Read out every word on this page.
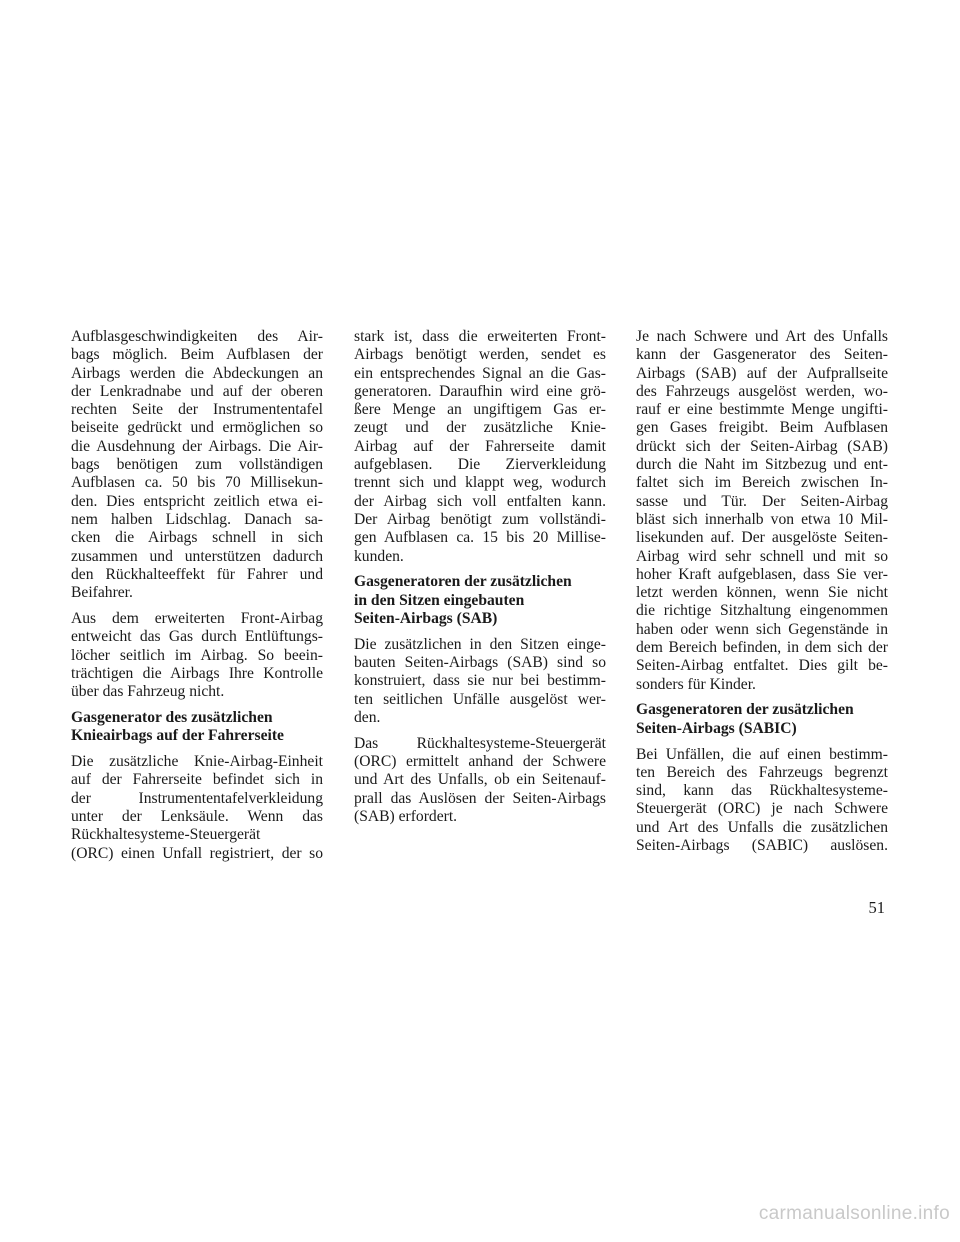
Aufblasgeschwindigkeiten des Air-
bags möglich. Beim Aufblasen der
Airbags werden die Abdeckungen an
der Lenkradnabe und auf der oberen
rechten Seite der Instrumententafel
beiseite gedrückt und ermöglichen so
die Ausdehnung der Airbags. Die Air-
bags benötigen zum vollständigen
Aufblasen ca. 50 bis 70 Millisekun-
den. Dies entspricht zeitlich etwa ei-
nem halben Lidschlag. Danach sa-
cken die Airbags schnell in sich
zusammen und unterstützen dadurch
den Rückhalteeffekt für Fahrer und
Beifahrer.

Aus dem erweiterten Front-Airbag
entweicht das Gas durch Entlüftungs-
löcher seitlich im Airbag. So beein-
trächtigen die Airbags Ihre Kontrolle
über das Fahrzeug nicht.

Gasgenerator des zusätzlichen
Knieairbags auf der Fahrerseite

Die zusätzliche Knie-Airbag-Einheit
auf der Fahrerseite befindet sich in
der Instrumententafelverkleidung
unter der Lenksäule. Wenn das
Rückhaltesysteme-Steuergerät
(ORC) einen Unfall registriert, der so

stark ist, dass die erweiterten Front-
Airbags benötigt werden, sendet es
ein entsprechendes Signal an die Gas-
generatoren. Daraufhin wird eine grö-
ßere Menge an ungiftigem Gas er-
zeugt und der zusätzliche Knie-
Airbag auf der Fahrerseite damit
aufgeblasen. Die Zierverkleidung
trennt sich und klappt weg, wodurch
der Airbag sich voll entfalten kann.
Der Airbag benötigt zum vollständi-
gen Aufblasen ca. 15 bis 20 Millise-
kunden.

Gasgeneratoren der zusätzlichen
in den Sitzen eingebauten
Seiten-Airbags (SAB)

Die zusätzlichen in den Sitzen einge-
bauten Seiten-Airbags (SAB) sind so
konstruiert, dass sie nur bei bestimm-
ten seitlichen Unfälle ausgelöst wer-
den.

Das Rückhaltesysteme-Steuergerät
(ORC) ermittelt anhand der Schwere
und Art des Unfalls, ob ein Seitenauf-
prall das Auslösen der Seiten-Airbags
(SAB) erfordert.

Je nach Schwere und Art des Unfalls
kann der Gasgenerator des Seiten-
Airbags (SAB) auf der Aufprallseite
des Fahrzeugs ausgelöst werden, wo-
rauf er eine bestimmte Menge ungifti-
gen Gases freigibt. Beim Aufblasen
drückt sich der Seiten-Airbag (SAB)
durch die Naht im Sitzbezug und ent-
faltet sich im Bereich zwischen In-
sasse und Tür. Der Seiten-Airbag
bläst sich innerhalb von etwa 10 Mil-
lisekunden auf. Der ausgelöste Seiten-
Airbag wird sehr schnell und mit so
hoher Kraft aufgeblasen, dass Sie ver-
letzt werden können, wenn Sie nicht
die richtige Sitzhaltung eingenommen
haben oder wenn sich Gegenstände in
dem Bereich befinden, in dem sich der
Seiten-Airbag entfaltet. Dies gilt be-
sonders für Kinder.

Gasgeneratoren der zusätzlichen
Seiten-Airbags (SABIC)

Bei Unfällen, die auf einen bestimm-
ten Bereich des Fahrzeugs begrenzt
sind, kann das Rückhaltesysteme-
Steuergerät (ORC) je nach Schwere
und Art des Unfalls die zusätzlichen
Seiten-Airbags (SABIC) auslösen.

51
carmanualsonline.info
